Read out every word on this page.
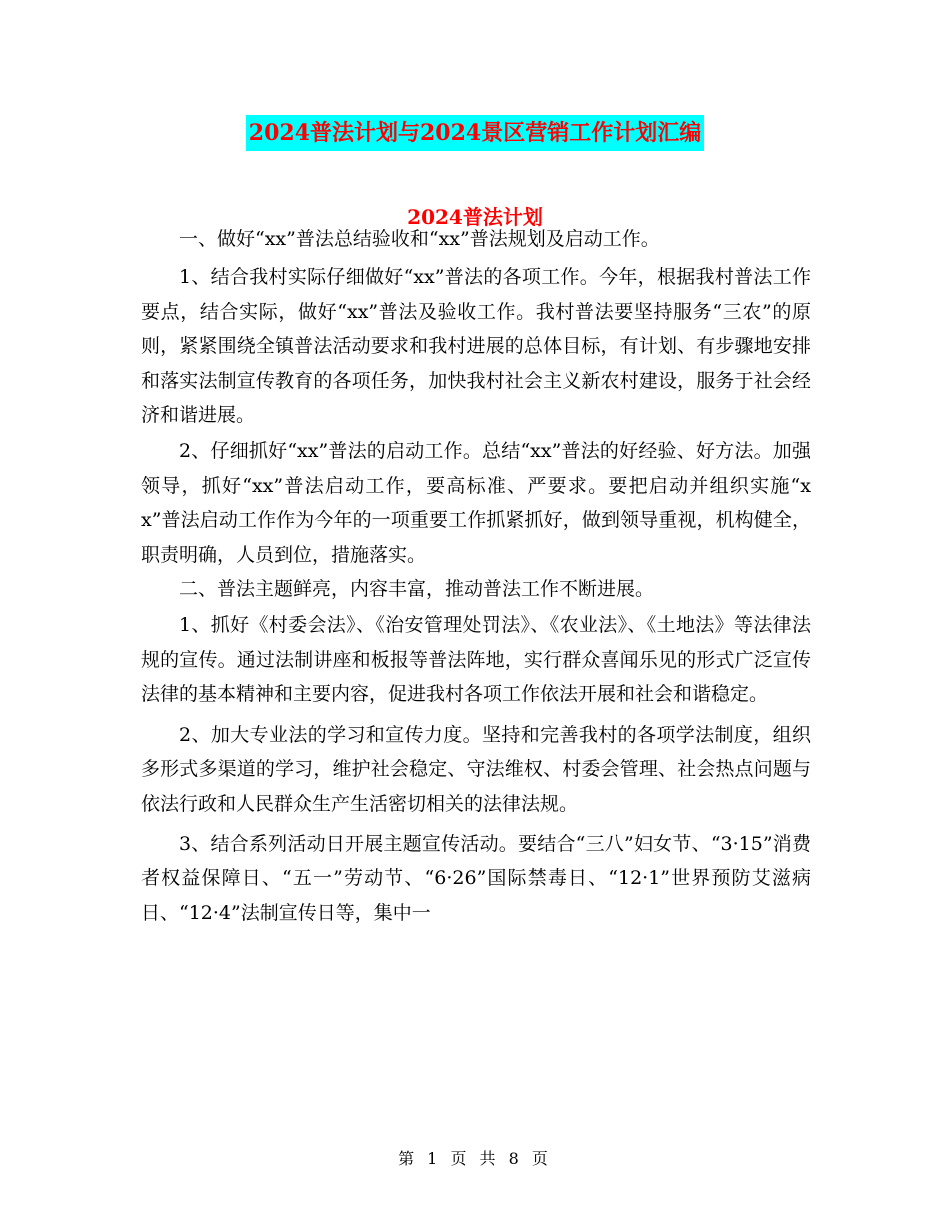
2024普法计划与2024景区营销工作计划汇编
2024普法计划

一、做好“xx”普法总结验收和“xx”普法规划及启动工作。

1、结合我村实际仔细做好“xx”普法的各项工作。今年，根据我村普法工作要点，结合实际，做好“xx”普法及验收工作。我村普法要坚持服务“三农”的原则，紧紧围绕全镇普法活动要求和我村进展的总体目标，有计划、有步骤地安排和落实法制宣传教育的各项任务，加快我村社会主义新农村建设，服务于社会经济和谐进展。

2、仔细抓好“xx”普法的启动工作。总结“xx”普法的好经验、好方法。加强领导，抓好“xx”普法启动工作，要高标准、严要求。要把启动并组织实施“xx”普法启动工作作为今年的一项重要工作抓紧抓好，做到领导重视，机构健全，职责明确，人员到位，措施落实。

二、普法主题鲜亮，内容丰富，推动普法工作不断进展。

1、抓好《村委会法》、《治安管理处罚法》、《农业法》、《土地法》等法律法规的宣传。通过法制讲座和板报等普法阵地，实行群众喜闻乐见的形式广泛宣传法律的基本精神和主要内容，促进我村各项工作依法开展和社会和谐稳定。

2、加大专业法的学习和宣传力度。坚持和完善我村的各项学法制度，组织多形式多渠道的学习，维护社会稳定、守法维权、村委会管理、社会热点问题与依法行政和人民群众生产生活密切相关的法律法规。

3、结合系列活动日开展主题宣传活动。要结合“三八”妇女节、“3·15”消费者权益保障日、“五一”劳动节、“6·26”国际禁毒日、“12·1”世界预防艾滋病日、“12·4”法制宣传日等，集中一

第 1 页 共 8 页
